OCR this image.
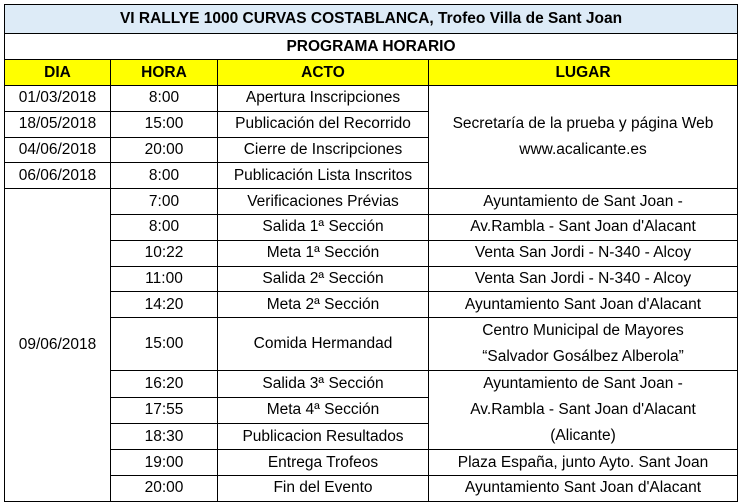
VI RALLYE 1000 CURVAS COSTABLANCA, Trofeo Villa de Sant Joan			
PROGRAMA HORARIO			
DIA	HORA	ACTO	LUGAR
01/03/2018	8:00	Apertura Inscripciones	Secretaría de la prueba y página Web
www.acalicante.es

18/05/2018	15:00	Publicación del Recorrido	
04/06/2018	20:00	Cierre de Inscripciones	
06/06/2018	8:00	Publicación Lista Inscritos	
09/06/2018	7:00	Verificaciones Prévias	Ayuntamiento de Sant Joan -
	8:00	Salida 1ª Sección	Av.Rambla - Sant Joan d'Alacant
	10:22	Meta 1ª Sección	Venta San Jordi - N-340 - Alcoy
	11:00	Salida 2ª Sección	Venta San Jordi - N-340 - Alcoy
	14:20	Meta 2ª Sección	Ayuntamiento Sant Joan d'Alacant
	15:00	Comida Hermandad	Centro Municipal de Mayores
“Salvador Gosálbez Alberola”

	16:20	Salida 3ª Sección	Ayuntamiento de Sant Joan -
Av.Rambla - Sant Joan d'Alacant
(Alicante)

	17:55	Meta 4ª Sección	
	18:30	Publicacion Resultados	
	19:00	Entrega Trofeos	Plaza España, junto Ayto. Sant Joan
	20:00	Fin del Evento	Ayuntamiento Sant Joan d'Alacant
